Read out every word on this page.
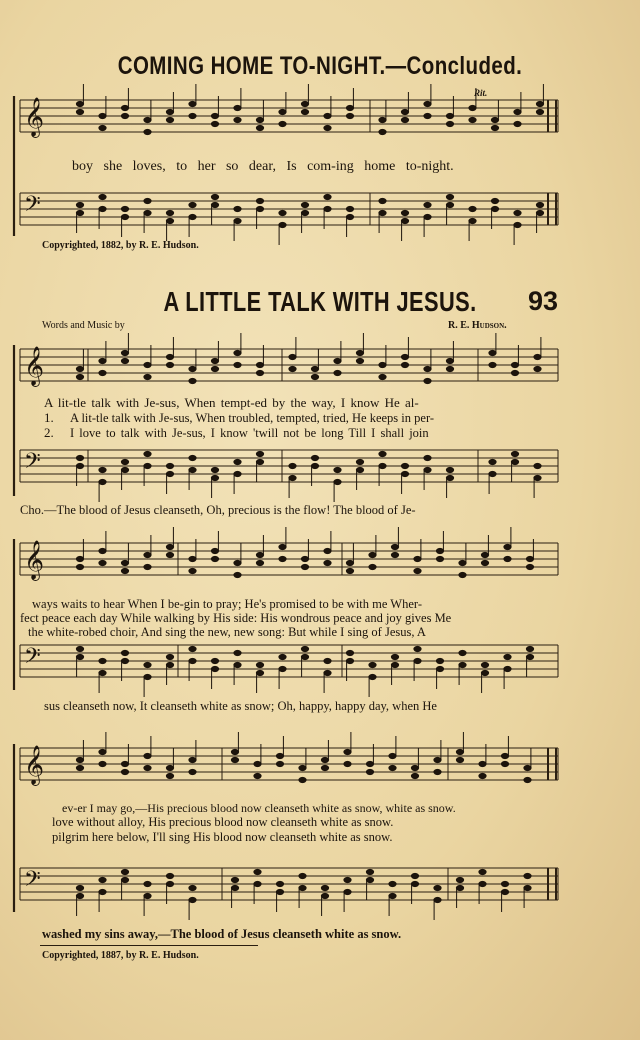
COMING HOME TO-NIGHT.—Concluded.
Rit.
boy she loves, to her so dear, Is com-ing home to-night.
Copyrighted, 1882, by R. E. Hudson.
A LITTLE TALK WITH JESUS.	93
Words and Music by	R. E. Hudson.
A lit-tle talk with Je-sus, When tempt-ed by the way, I know He al-
1. A lit-tle talk with Je-sus, When troubled, tempted, tried, He keeps in per-
2. I love to talk with Je-sus, I know 'twill not be long Till I shall join
Cho.—The blood of Jesus cleanseth, Oh, precious is the flow! The blood of Je-
ways waits to hear When I be-gin to pray; He's promised to be with me Wher-
fect peace each day While walking by His side: His wondrous peace and joy gives Me
the white-robed choir, And sing the new, new song: But while I sing of Jesus, A
sus cleanseth now, It cleanseth white as snow; Oh, happy, happy day, when He
ev-er I may go,—His precious blood now cleanseth white as snow, white as snow.
love without alloy, His precious blood now cleanseth white as snow.
pilgrim here below, I'll sing His blood now cleanseth white as snow.
washed my sins away,—The blood of Jesus cleanseth white as snow.
Copyrighted, 1887, by R. E. Hudson.
𝄞
𝄢
𝄞
𝄢
𝄞
𝄢
𝄞
𝄢
